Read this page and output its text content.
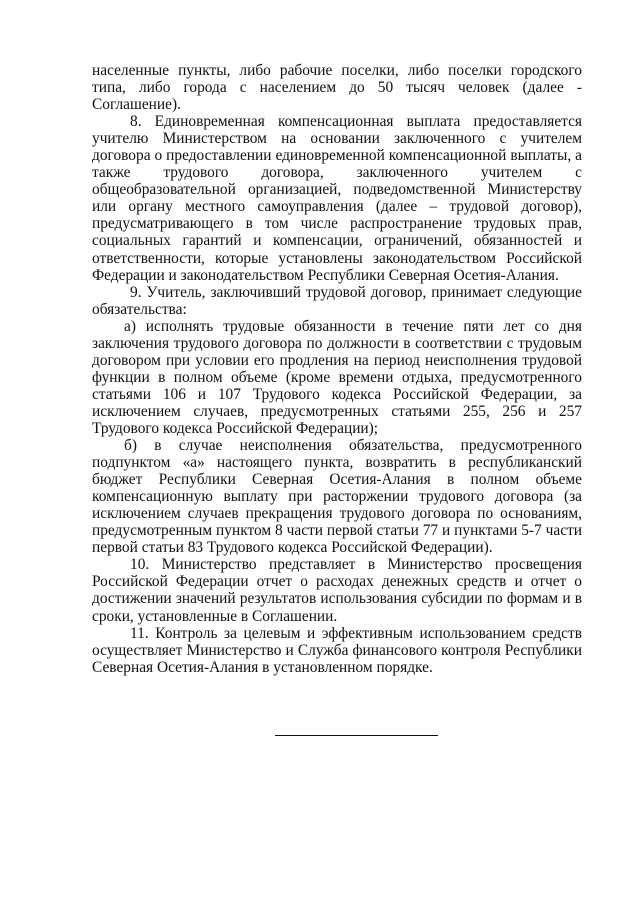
населенные пункты, либо рабочие поселки, либо поселки городского типа, либо города с населением до 50 тысяч человек (далее - Соглашение).

8. Единовременная компенсационная выплата предоставляется учителю Министерством на основании заключенного с учителем договора о предоставлении единовременной компенсационной выплаты, а также трудового договора, заключенного учителем с общеобразовательной организацией, подведомственной Министерству или органу местного самоуправления (далее – трудовой договор), предусматривающего в том числе распространение трудовых прав, социальных гарантий и компенсации, ограничений, обязанностей и ответственности, которые установлены законодательством Российской Федерации и законодательством Республики Северная Осетия-Алания.

9. Учитель, заключивший трудовой договор, принимает следующие обязательства:

а) исполнять трудовые обязанности в течение пяти лет со дня заключения трудового договора по должности в соответствии с трудовым договором при условии его продления на период неисполнения трудовой функции в полном объеме (кроме времени отдыха, предусмотренного статьями 106 и 107 Трудового кодекса Российской Федерации, за исключением случаев, предусмотренных статьями 255, 256 и 257 Трудового кодекса Российской Федерации);

б) в случае неисполнения обязательства, предусмотренного подпунктом «а» настоящего пункта, возвратить в республиканский бюджет Республики Северная Осетия-Алания в полном объеме компенсационную выплату при расторжении трудового договора (за исключением случаев прекращения трудового договора по основаниям, предусмотренным пунктом 8 части первой статьи 77 и пунктами 5-7 части первой статьи 83 Трудового кодекса Российской Федерации).

10. Министерство представляет в Министерство просвещения Российской Федерации отчет о расходах денежных средств и отчет о достижении значений результатов использования субсидии по формам и в сроки, установленные в Соглашении.

11. Контроль за целевым и эффективным использованием средств осуществляет Министерство и Служба финансового контроля Республики Северная Осетия-Алания в установленном порядке.
